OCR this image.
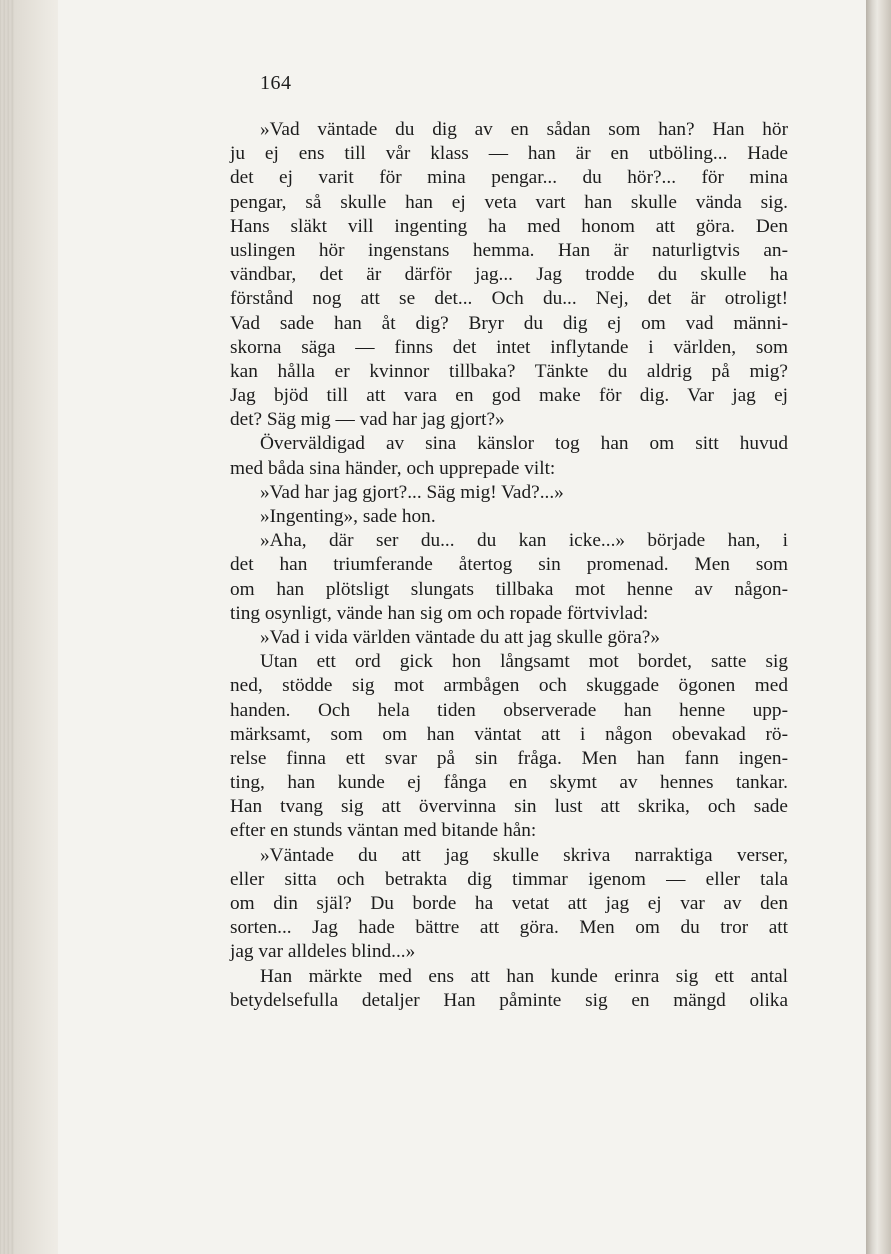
164

»Vad väntade du dig av en sådan som han? Han hör
ju ej ens till vår klass — han är en utböling... Hade
det ej varit för mina pengar... du hör?... för mina
pengar, så skulle han ej veta vart han skulle vända sig.
Hans släkt vill ingenting ha med honom att göra. Den
uslingen hör ingenstans hemma. Han är naturligtvis an-
vändbar, det är därför jag... Jag trodde du skulle ha
förstånd nog att se det... Och du... Nej, det är otroligt!
Vad sade han åt dig? Bryr du dig ej om vad männi-
skorna säga — finns det intet inflytande i världen, som
kan hålla er kvinnor tillbaka? Tänkte du aldrig på mig?
Jag bjöd till att vara en god make för dig. Var jag ej
det? Säg mig — vad har jag gjort?»
Överväldigad av sina känslor tog han om sitt huvud
med båda sina händer, och upprepade vilt:
»Vad har jag gjort?... Säg mig! Vad?...»
»Ingenting», sade hon.
»Aha, där ser du... du kan icke...» började han, i
det han triumferande återtog sin promenad. Men som
om han plötsligt slungats tillbaka mot henne av någon-
ting osynligt, vände han sig om och ropade förtvivlad:
»Vad i vida världen väntade du att jag skulle göra?»
Utan ett ord gick hon långsamt mot bordet, satte sig
ned, stödde sig mot armbågen och skuggade ögonen med
handen. Och hela tiden observerade han henne upp-
märksamt, som om han väntat att i någon obevakad rö-
relse finna ett svar på sin fråga. Men han fann ingen-
ting, han kunde ej fånga en skymt av hennes tankar.
Han tvang sig att övervinna sin lust att skrika, och sade
efter en stunds väntan med bitande hån:
»Väntade du att jag skulle skriva narraktiga verser,
eller sitta och betrakta dig timmar igenom — eller tala
om din själ? Du borde ha vetat att jag ej var av den
sorten... Jag hade bättre att göra. Men om du tror att
jag var alldeles blind...»
Han märkte med ens att han kunde erinra sig ett antal
betydelsefulla detaljer Han påminte sig en mängd olika
